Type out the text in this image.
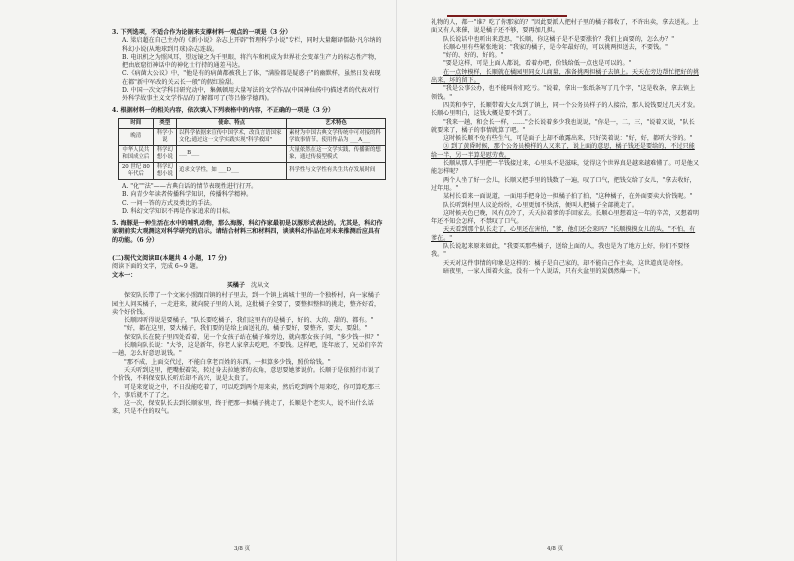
3. 下列选项，不适合作为论据来支撑材料一观点的一项是（3 分）
A. 梁启超在自己主办的《新小说》杂志上开辟"哲理科学小说"专栏，同时大量翻译儒勒·凡尔纳的科幻小说(从地球到月球)杂志连载。
B. 电讯机之为照风耳，望远镜之为千里眼，将汽车和机成为世界社会变革生产力的标志性产物，把由底窟衍神话中的神化士行持的通差马达。
C.《病菌大公议》中，"他是有的病菌都被我上了体，"满脸都是疑惑子"的幽默样，虽然日发表现在都"新中军改的关云长一般"的假红脸甜。
D. 中国一次文学科目研究动中，集佩顿用大量写法的文学作品(中国神仙传中)描述者的代表对行外科学故事主义文学作品的了解都可了(等吕修学德西)。
4. 根据材料一的相关内容，依次填入下列表格中的内容，不正确的一项是（3 分）
时间	类型	使命、特点	艺术特色
晚清	科学小说	以科学依据来宣传中国学术，改良言语国家文化;通过这一文学实践实现"科学救国"	素材为中国古典文学传统中可对接的科学故事情节，使用作品为 ___A___
中华人民共和国成立后	科学幻想小说	___B___	大量依然在这一文学实践，传播新的想象，通过传接型模式
20 世纪 80 年代后	科学幻想小说	追求文学性，如 ___D___	科学性与文学性有共生共存发展时间
A. "化""法"——古典白话的情节表现性进行打开。
B. 向青少年读者传播科学知识，传播科学精神。
C. 一问一答的方式及类比的手法。
D. 科幻文学知识不再是作家追求的目标。
5. 海豚是一种生活在水中的哺乳动物，那么海豚，科幻作家最初是以豚形式表达的。尤其是，科幻作家朝前实大观测这对科学研究的启示。请结合材料三和材料四，谈谈科幻作品在对未来推测后应具有的功能。（6 分）
(二)现代文阅读Ⅱ(本题共 4 小题，17 分)
阅读下面的文字，完成 6~9 题。
文本一：
买橘子 沈从文

保安队长带了一个文案小照跟百镇的村子里去，到一个镇上离城十里的一个独桥村，向一家橘子园主人问买橘子，一走进来，就向院子里的人说，这批橘子全要了，要整担整担的挑走，整齐好看，卖个好价钱。

长顺因听得说是要橘子，"队长要吃橘子，我们这里有的是橘子，好的、大的、甜的、都有。"

"好，都在这里，要大橘子，我们要的是给上面送礼的，橘子要好，要整齐，要大，要甜。"

保安队长在院子里四处看着，见一个女孩子站在橘子堆旁边，就向那女孩子问，"多少钱一担？"

长顺向队长说："大爷，这是新年，你老人家拿去吃吧，不要钱。这样吧，连年底了，兄弟们辛苦一趟，怎么好意思说钱。"

"那不成，上面交代过，不能白拿老百姓的东西。一担算多少钱，照价给钱。"

夭夭听到这里，把嘴抿着笑，转过身去拉她爹的衣角，意思要她爹说价。长顺于是依照行市说了个价钱，不料保安队长听后却不高兴，说是太贵了。

可是来宽说之中，不日没能吃着了，可以吃到两个用来卖，然后吃到两个用来吃，你可算吃那三个，事后就不了了之。

这一次，保安队长去到长顺家里，终于把那一担橘子挑走了，长顺是个老实人，说不出什么话来，只是不住的叹气。

3/8 页

礼物的人，都一"谁？吃了你那家的？"因此要派人把村子里的橘子都收了，不许出卖，拿去送礼。上面又有人来催，说是橘子还不够，要再加几担。

队长说话中也听出来意思，"长顺，你这橘子是不是要涨价？我们上面要的，怎么办？"

长顺心里有些紧张地说："我家的橘子，是今年最好的，可以挑两担送去，不要钱。"

"好的、好的、好的。"

"要是这样，可是上面人都说，看着办吧，价钱给低一点也是可以的。"

在一点钟模样，长顺就在橘园里同女儿商量，准备挑两担橘子去镇上。天天在旁边帮忙把好的挑出来，坏的留下。

"我是公事公办，也不能叫你们吃亏。"说着，拿出一张纸条写了几个字，"这是收条，拿去镇上领钱。"

四美和李宁，长顺带着大女儿到了镇上，同一个公务员样子的人接洽，那人说钱要过几天才发。长顺心里明白，这钱大概是要不到了。

"我来一趟，和会长一样，……"会长说着多少我也说说，"你是一，二，三，"说着又说，"队长就要来了，橘子的事情就算了吧。"

这时候长顺不免有些生气，可是面子上却不敢露出来，只好笑着说："好，好，都听大爷的。"

③ 到了黄昏时候，那个公务员模样的人又来了，说上面的意思，橘子钱还是要给的，不过只能给一半，另一半算是慰劳费。

长顺从那人手里把一半钱接过来，心里头不是滋味，觉得这个世界真是越来越难懂了。可是他又能怎样呢？

两个人坐了好一会儿，长顺又把手里的钱数了一遍，叹了口气，把钱交给了女儿，"拿去收好，过年用。"

某村长看来一面说道，一面用手把身边一担橘子拍了拍，"这种橘子，在外面要卖大价钱呢。"

队长听到村里人议论纷纷，心里更加不快活，便叫人把橘子全部挑走了。

这时候天色已晚，风有点冷了，夭夭拉着爹的手回家去。长顺心里想着这一年的辛苦，又想着明年还不知会怎样，不禁叹了口气。

天天看到那个队长走了，心里还在害怕，"爹，他们还会来吗？"长顺摸摸女儿的头，"不怕，有爹在。"

队长说起来原来如此，"我要买那些橘子，送给上面的人，我也是为了地方上好，你们不要怪我。"

天天对这件事情的印象是这样的：橘子是自己家的，却不能自己作主卖，这世道真是奇怪。

暗夜里，一家人围着火盆，没有一个人说话，只有火盆里的炭偶然爆一下。

4/8 页
